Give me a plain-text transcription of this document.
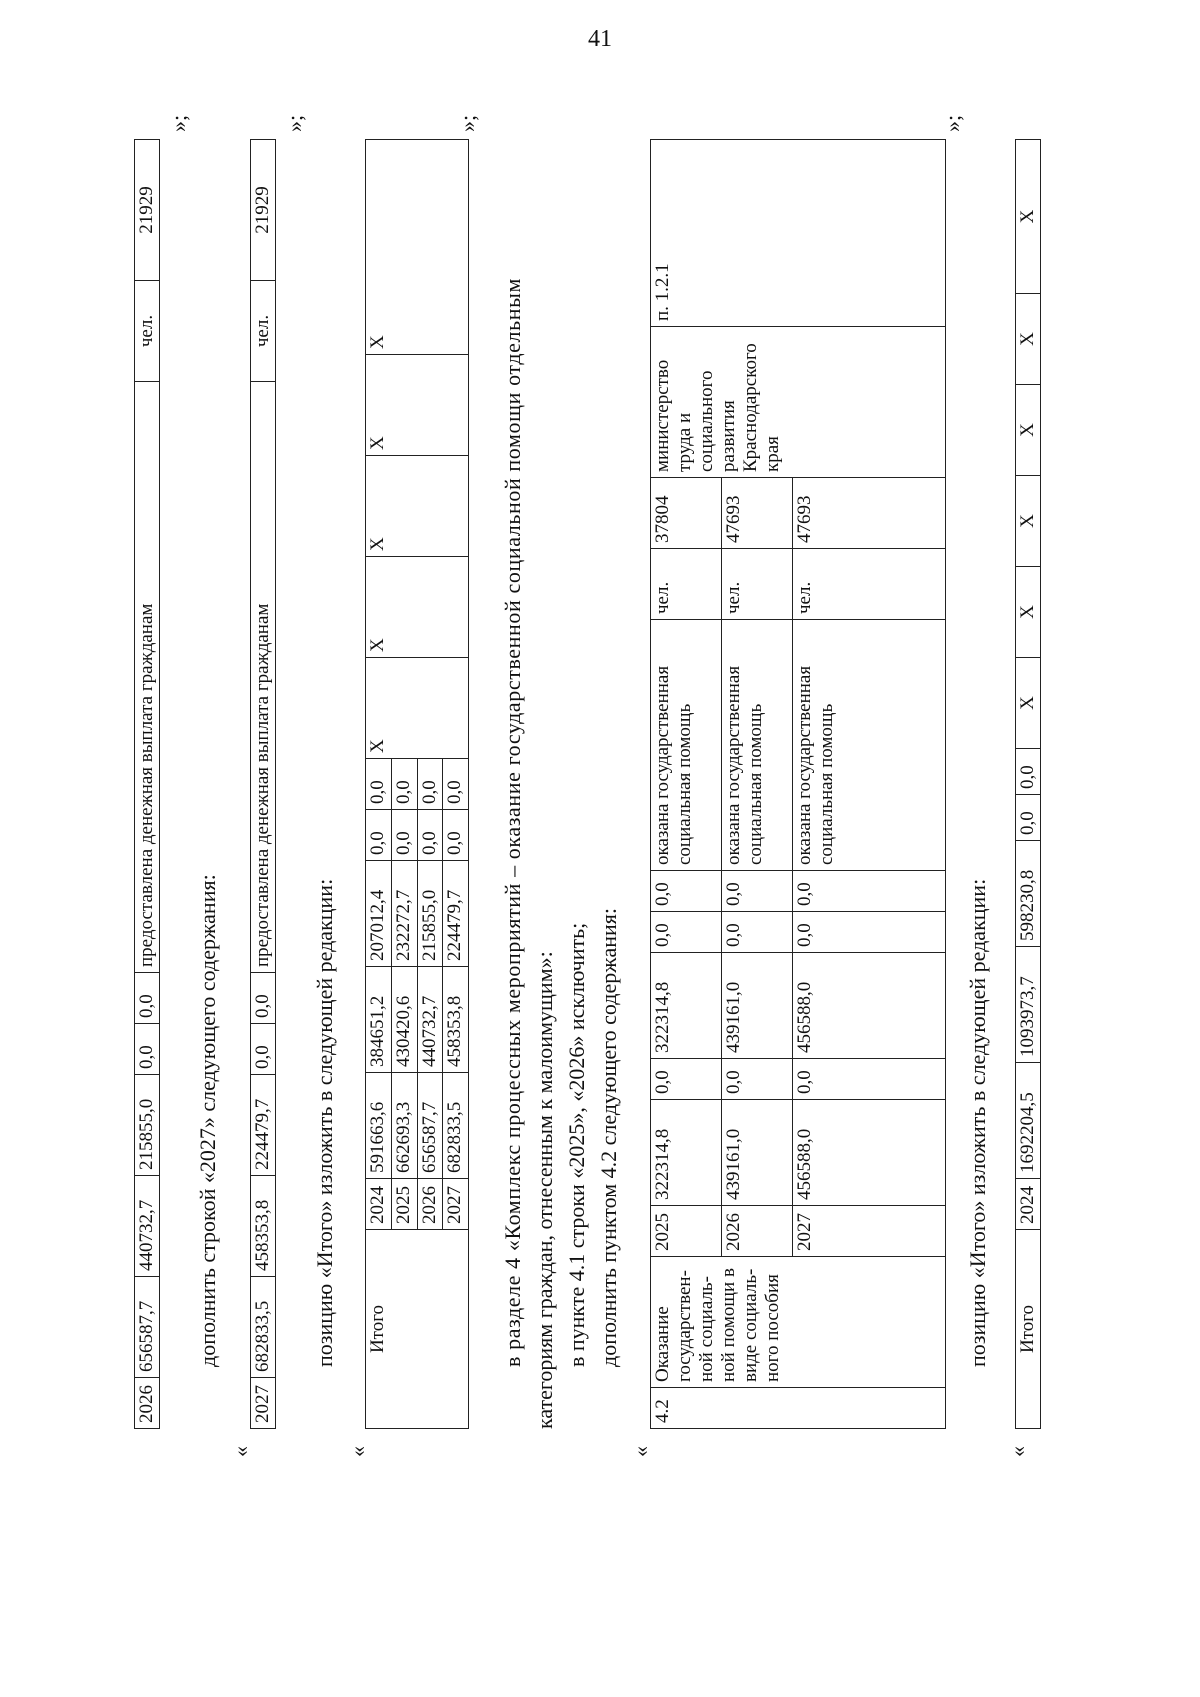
41
2026	656587,7	440732,7	215855,0	0,0	0,0	предоставлена денежная выплата гражданам	чел.	21929
»;
дополнить строкой «2027» следующего содержания:
«
2027	682833,5	458353,8	224479,7	0,0	0,0	предоставлена денежная выплата гражданам	чел.	21929
»;
позицию «Итого» изложить в следующей редакции:
«
Итого	2024	591663,6	384651,2	207012,4	0,0	0,0	Х	Х	Х	Х	Х
	2025	662693,3	430420,6	232272,7	0,0	0,0					
	2026	656587,7	440732,7	215855,0	0,0	0,0					
	2027	682833,5	458353,8	224479,7	0,0	0,0					
»;
в разделе 4 «Комплекс процессных мероприятий – оказание государственной социальной помощи отдельным категориям граждан, отнесенным к малоимущим»: в пункте 4.1 строки «2025», «2026» исключить; дополнить пунктом 4.2 следующего содержания:
«
4.2	Оказание государствен-ной социаль-ной помощи в виде социаль-ного пособия	2025	322314,8	0,0	322314,8	0,0	0,0	оказана государственная социальная помощь	чел.	37804	министерство труда и социального развития Краснодарского края	п. 1.2.1
		2026	439161,0	0,0	439161,0	0,0	0,0	оказана государственная социальная помощь	чел.	47693		
		2027	456588,0	0,0	456588,0	0,0	0,0	оказана государственная социальная помощь	чел.	47693		
»;
позицию «Итого» изложить в следующей редакции:
«
Итого	2024	1692204,5	1093973,7	598230,8	0,0	0,0	Х	Х	Х	Х	Х	Х
